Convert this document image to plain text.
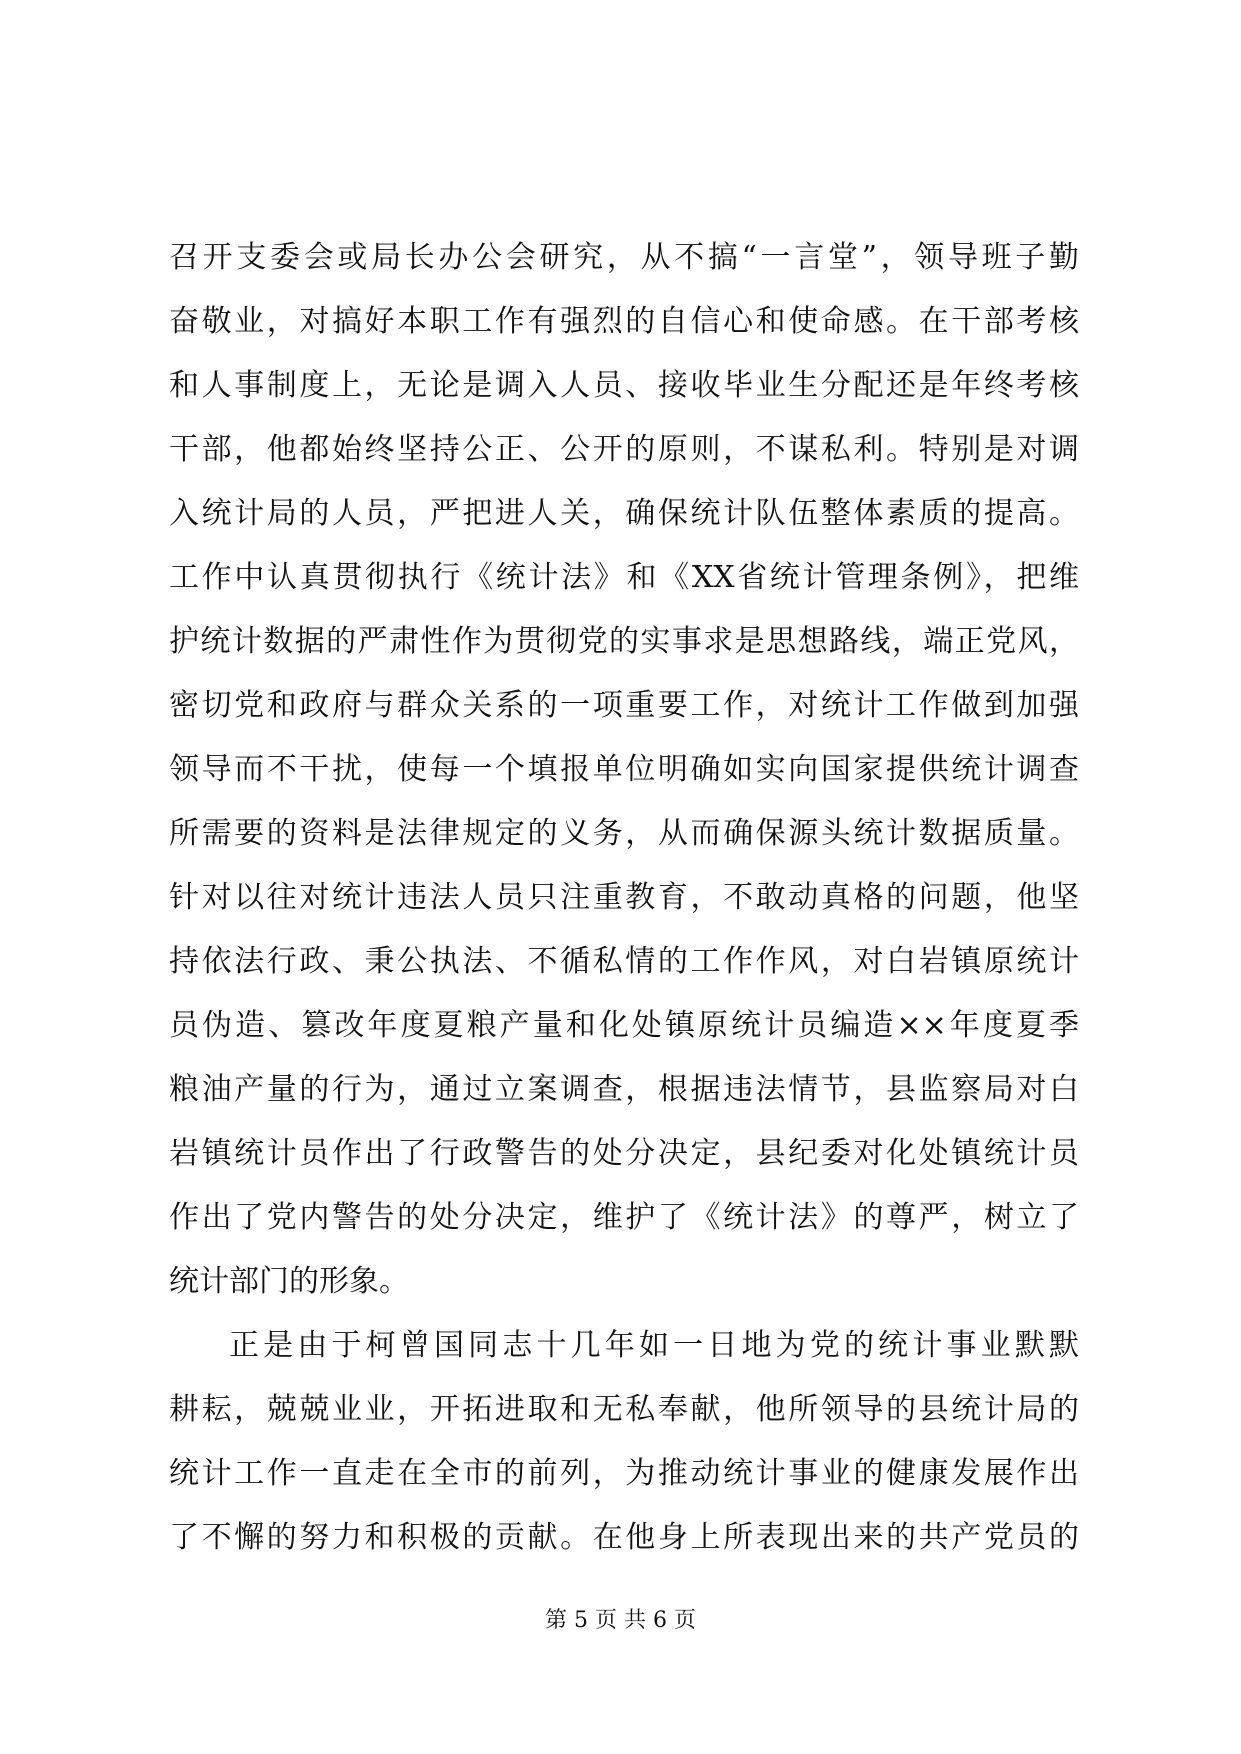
召开支委会或局长办公会研究，从不搞“一言堂”，领导班子勤
奋敬业，对搞好本职工作有强烈的自信心和使命感。在干部考核
和人事制度上，无论是调入人员、接收毕业生分配还是年终考核
干部，他都始终坚持公正、公开的原则，不谋私利。特别是对调
入统计局的人员，严把进人关，确保统计队伍整体素质的提高。
工作中认真贯彻执行《统计法》和《XX省统计管理条例》，把维
护统计数据的严肃性作为贯彻党的实事求是思想路线，端正党风，
密切党和政府与群众关系的一项重要工作，对统计工作做到加强
领导而不干扰，使每一个填报单位明确如实向国家提供统计调查
所需要的资料是法律规定的义务，从而确保源头统计数据质量。
针对以往对统计违法人员只注重教育，不敢动真格的问题，他坚
持依法行政、秉公执法、不循私情的工作作风，对白岩镇原统计
员伪造、篡改年度夏粮产量和化处镇原统计员编造××年度夏季
粮油产量的行为，通过立案调查，根据违法情节，县监察局对白
岩镇统计员作出了行政警告的处分决定，县纪委对化处镇统计员
作出了党内警告的处分决定，维护了《统计法》的尊严，树立了
统计部门的形象。
正是由于柯曾国同志十几年如一日地为党的统计事业默默
耕耘，兢兢业业，开拓进取和无私奉献，他所领导的县统计局的
统计工作一直走在全市的前列，为推动统计事业的健康发展作出
了不懈的努力和积极的贡献。在他身上所表现出来的共产党员的
第 5 页 共 6 页
